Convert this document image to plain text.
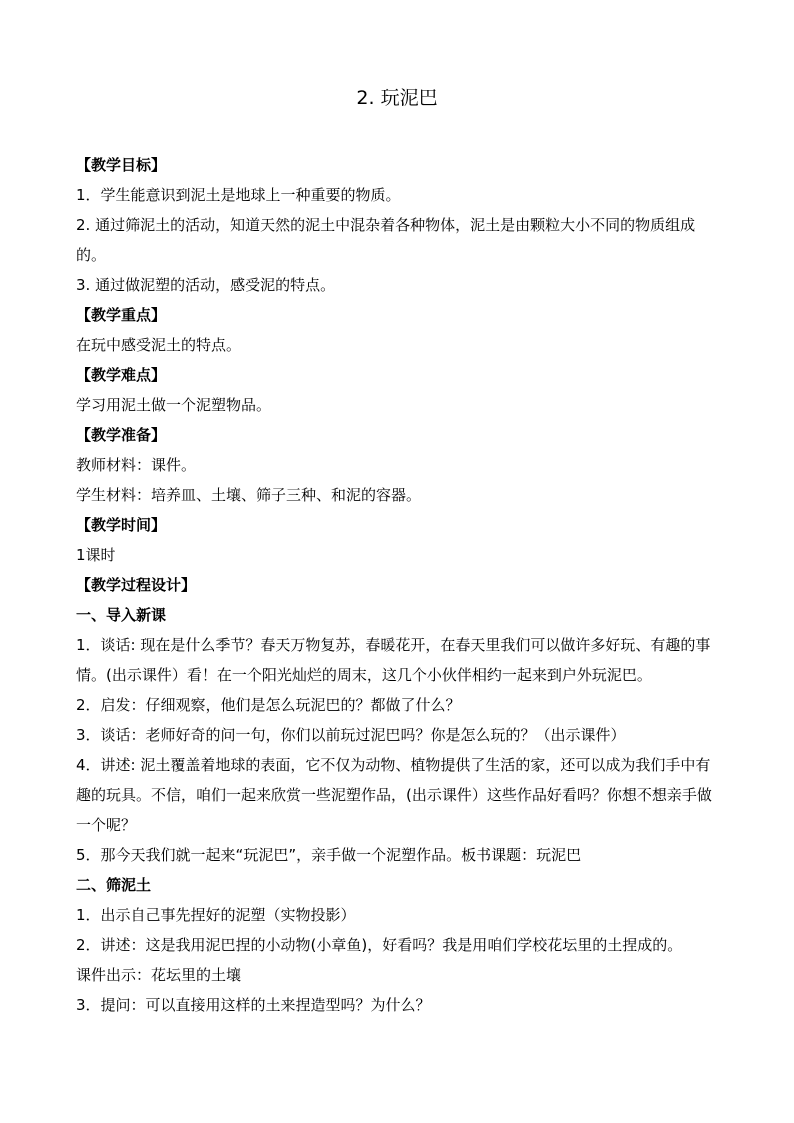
2. 玩泥巴
【教学目标】
1．学生能意识到泥土是地球上一种重要的物质。
2. 通过筛泥土的活动，知道天然的泥土中混杂着各种物体，泥土是由颗粒大小不同的物质组成的。
3. 通过做泥塑的活动，感受泥的特点。
【教学重点】
在玩中感受泥土的特点。
【教学难点】
学习用泥土做一个泥塑物品。
【教学准备】
教师材料：课件。
学生材料：培养皿、土壤、筛子三种、和泥的容器。
【教学时间】
1课时
【教学过程设计】
一、导入新课
1．谈话: 现在是什么季节？春天万物复苏，春暖花开，在春天里我们可以做许多好玩、有趣的事情。(出示课件）看！在一个阳光灿烂的周末，这几个小伙伴相约一起来到户外玩泥巴。
2．启发：仔细观察，他们是怎么玩泥巴的？都做了什么？
3．谈话：老师好奇的问一句，你们以前玩过泥巴吗？你是怎么玩的？（出示课件）
4．讲述: 泥土覆盖着地球的表面，它不仅为动物、植物提供了生活的家，还可以成为我们手中有趣的玩具。不信，咱们一起来欣赏一些泥塑作品，(出示课件）这些作品好看吗？你想不想亲手做一个呢？
5．那今天我们就一起来“玩泥巴”，亲手做一个泥塑作品。板书课题：玩泥巴
二、筛泥土
1．出示自己事先捏好的泥塑（实物投影）
2．讲述：这是我用泥巴捏的小动物(小章鱼)，好看吗？我是用咱们学校花坛里的土捏成的。
课件出示：花坛里的土壤
3．提问：可以直接用这样的土来捏造型吗？为什么？
